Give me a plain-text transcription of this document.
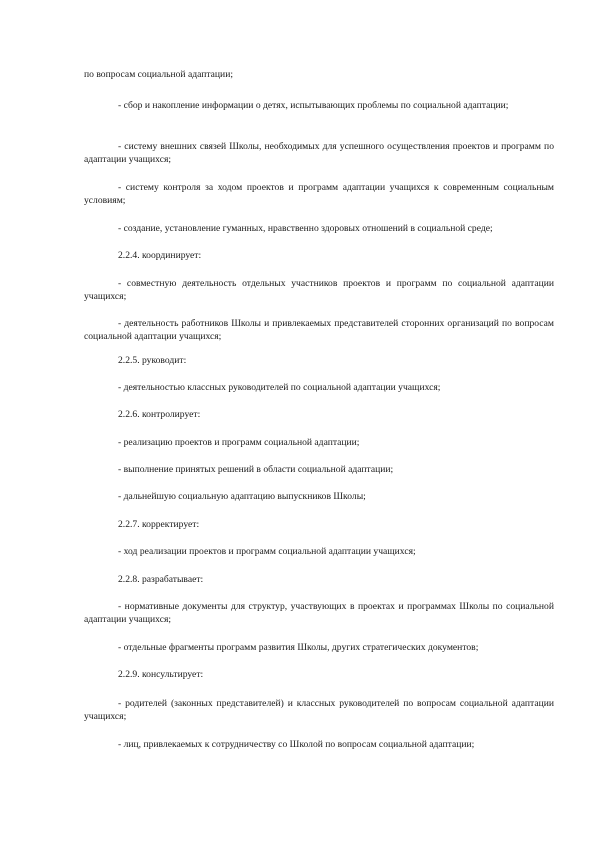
по вопросам социальной адаптации;

- сбор и накопление информации о детях, испытывающих проблемы по социальной адаптации;

- систему внешних связей Школы, необходимых для успешного осуществления проектов и программ по адаптации учащихся;

- систему контроля за ходом проектов и программ адаптации учащихся к современным социальным условиям;

- создание, установление гуманных, нравственно здоровых отношений в социальной среде;

2.2.4. координирует:

- совместную деятельность отдельных участников проектов и программ по социальной адаптации учащихся;

- деятельность работников Школы и привлекаемых представителей сторонних организаций по вопросам социальной адаптации учащихся;

2.2.5. руководит:

- деятельностью классных руководителей по социальной адаптации учащихся;

2.2.6. контролирует:

- реализацию проектов и программ социальной адаптации;

- выполнение принятых решений в области социальной адаптации;

- дальнейшую социальную адаптацию выпускников Школы;

2.2.7. корректирует:

- ход реализации проектов и программ социальной адаптации учащихся;

2.2.8. разрабатывает:

- нормативные документы для структур, участвующих в проектах и программах Школы по социальной адаптации учащихся;

- отдельные фрагменты программ развития Школы, других стратегических документов;

2.2.9. консультирует:

- родителей (законных представителей) и классных руководителей по вопросам социальной адаптации учащихся;

- лиц, привлекаемых к сотрудничеству со Школой по вопросам социальной адаптации;
